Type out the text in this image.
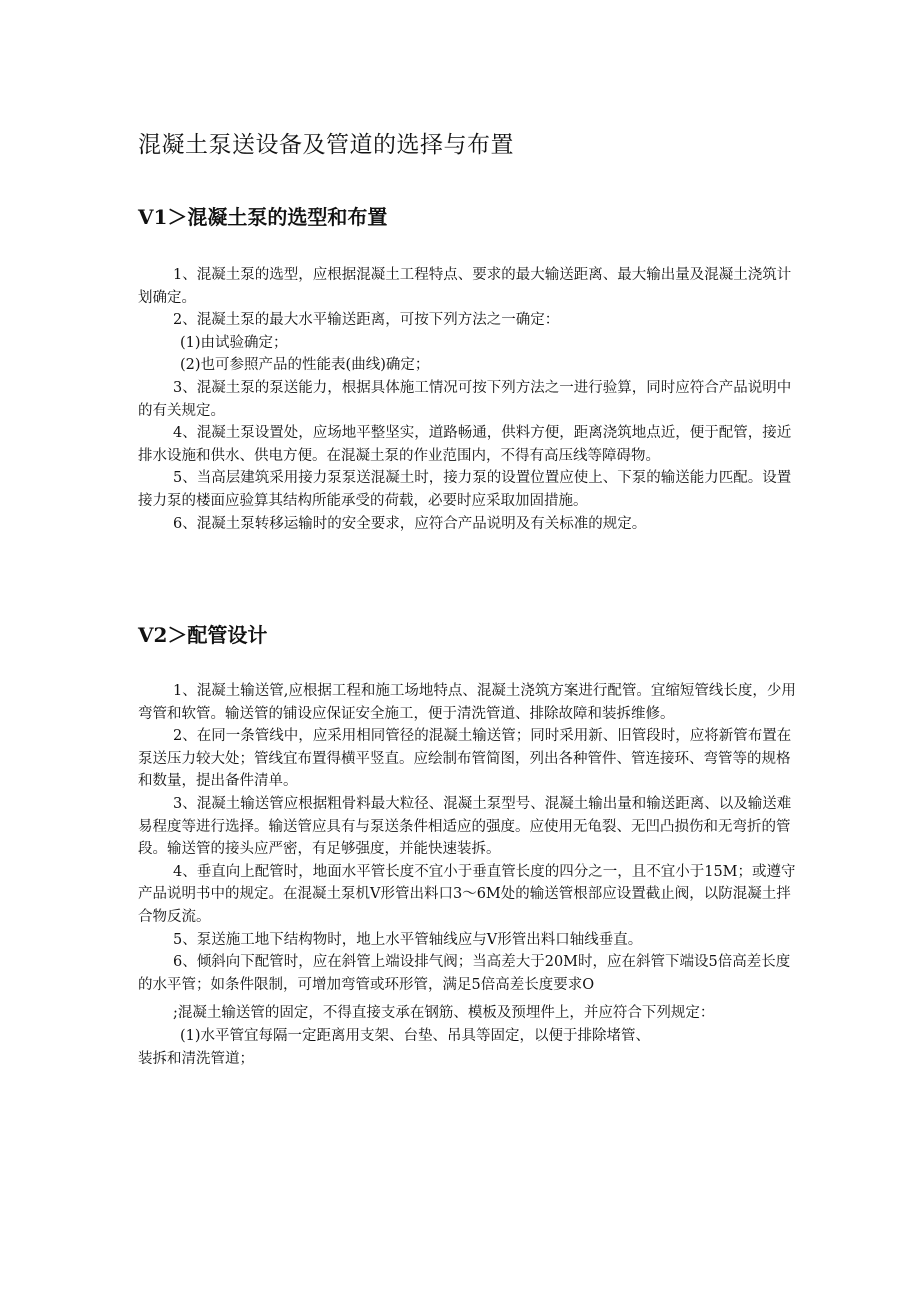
混凝土泵送设备及管道的选择与布置
V1＞混凝土泵的选型和布置

1、混凝土泵的选型，应根据混凝土工程特点、要求的最大输送距离、最大输出量及混凝土浇筑计划确定。

2、混凝土泵的最大水平输送距离，可按下列方法之一确定：

(1)由试验确定；

(2)也可参照产品的性能表(曲线)确定；

3、混凝土泵的泵送能力，根据具体施工情况可按下列方法之一进行验算，同时应符合产品说明中的有关规定。

4、混凝土泵设置处，应场地平整坚实，道路畅通，供料方便，距离浇筑地点近，便于配管，接近排水设施和供水、供电方便。在混凝土泵的作业范围内，不得有高压线等障碍物。

5、当高层建筑采用接力泵泵送混凝土时，接力泵的设置位置应使上、下泵的输送能力匹配。设置接力泵的楼面应验算其结构所能承受的荷载，必要时应采取加固措施。

6、混凝土泵转移运输时的安全要求，应符合产品说明及有关标准的规定。

V2＞配管设计

1、混凝土输送管,应根据工程和施工场地特点、混凝土浇筑方案进行配管。宜缩短管线长度，少用弯管和软管。输送管的铺设应保证安全施工，便于清洗管道、排除故障和装拆维修。

2、在同一条管线中，应采用相同管径的混凝土输送管；同时采用新、旧管段时，应将新管布置在泵送压力较大处；管线宜布置得横平竖直。应绘制布管简图，列出各种管件、管连接环、弯管等的规格和数量，提出备件清单。

3、混凝土输送管应根据粗骨料最大粒径、混凝土泵型号、混凝土输出量和输送距离、以及输送难易程度等进行选择。输送管应具有与泵送条件相适应的强度。应使用无龟裂、无凹凸损伤和无弯折的管段。输送管的接头应严密，有足够强度，并能快速装拆。

4、垂直向上配管时，地面水平管长度不宜小于垂直管长度的四分之一，且不宜小于15M；或遵守产品说明书中的规定。在混凝土泵机V形管出料口3～6M处的输送管根部应设置截止阀，以防混凝土拌合物反流。

5、泵送施工地下结构物时，地上水平管轴线应与V形管出料口轴线垂直。

6、倾斜向下配管时，应在斜管上端设排气阀；当高差大于20M时，应在斜管下端设5倍高差长度的水平管；如条件限制，可增加弯管或环形管，满足5倍高差长度要求O

;混凝土输送管的固定，不得直接支承在钢筋、模板及预埋件上，并应符合下列规定：

(1)水平管宜每隔一定距离用支架、台垫、吊具等固定，以便于排除堵管、

装拆和清洗管道；
